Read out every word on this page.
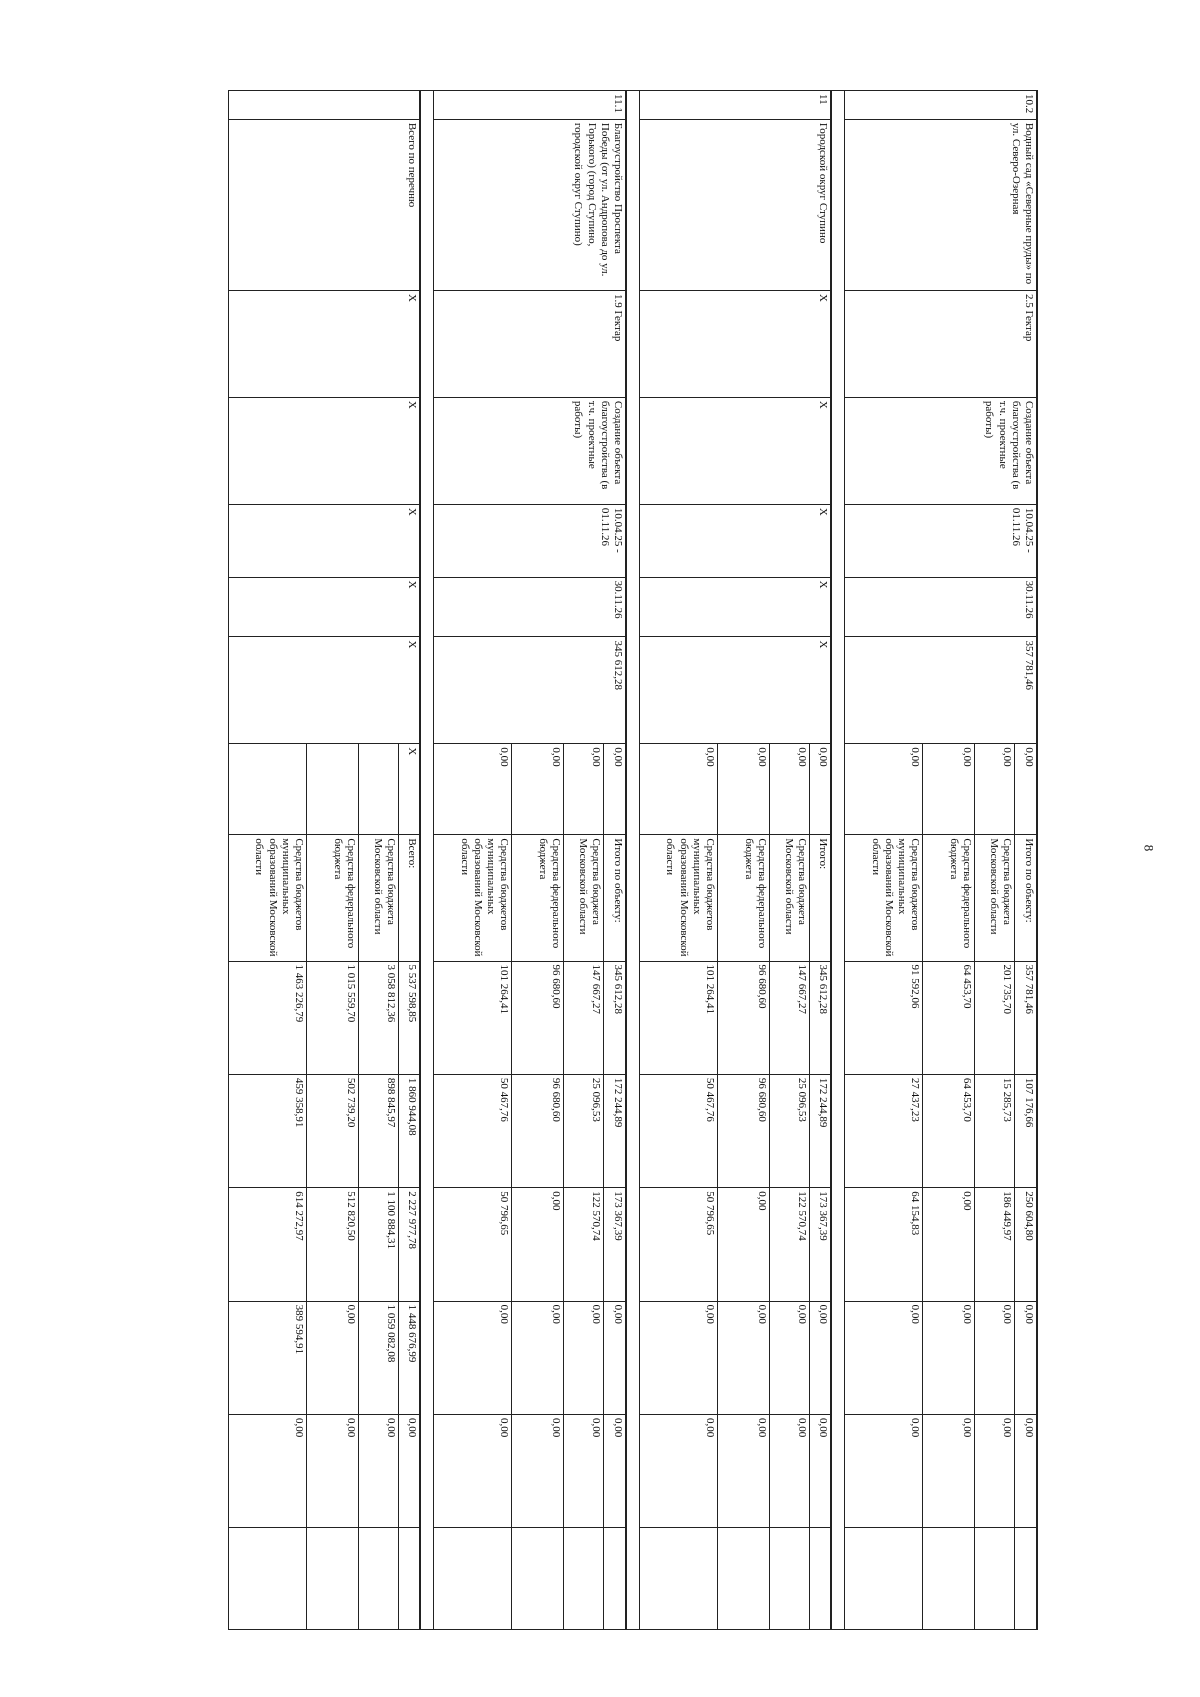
10.2	Водный сад «Северные пруды» по ул. Северо-Озерная	2.5 Гектар	Создание объекта благоустройства (в т.ч. проектные работы)	10.04.25 - 01.11.26	30.11.26	357 781,46	0,00	Итого по объекту:	357 781,46	107 176,66	250 604,80	0,00	0,00	
							0,00	Средства бюджета Московской области	201 735,70	15 285,73	186 449,97	0,00	0,00	
							0,00	Средства федерального бюджета	64 453,70	64 453,70	0,00	0,00	0,00	
							0,00	Средства бюджетов муниципальных образований Московской области	91 592,06	27 437,23	64 154,83	0,00	0,00	

11	Городской округ Ступино	X	X	X	X	X	0,00	Итого:	345 612,28	172 244,89	173 367,39	0,00	0,00	
							0,00	Средства бюджета Московской области	147 667,27	25 096,53	122 570,74	0,00	0,00	
							0,00	Средства федерального бюджета	96 680,60	96 680,60	0,00	0,00	0,00	
							0,00	Средства бюджетов муниципальных образований Московской области	101 264,41	50 467,76	50 796,65	0,00	0,00	

11.1	Благоустройство Проспекта Победы (от ул. Андропова до ул. Горького) (город Ступино, городской округ Ступино)	1.9 Гектар	Создание объекта благоустройства (в т.ч. проектные работы)	10.04.25 - 01.11.26	30.11.26	345 612,28	0,00	Итого по объекту:	345 612,28	172 244,89	173 367,39	0,00	0,00	
							0,00	Средства бюджета Московской области	147 667,27	25 096,53	122 570,74	0,00	0,00	
							0,00	Средства федерального бюджета	96 680,60	96 680,60	0,00	0,00	0,00	
							0,00	Средства бюджетов муниципальных образований Московской области	101 264,41	50 467,76	50 796,65	0,00	0,00	

	Всего по перечню	X	X	X	X	X	X	Всего:	5 537 598,85	1 860 944,08	2 227 977,78	1 448 676,99	0,00	
								Средства бюджета Московской области	3 058 812,36	898 845,97	1 100 884,31	1 059 082,08	0,00	
								Средства федерального бюджета	1 015 559,70	502 739,20	512 820,50	0,00	0,00	
								Средства бюджетов муниципальных образований Московской области	1 463 226,79	459 358,91	614 272,97	389 594,91	0,00	
8
